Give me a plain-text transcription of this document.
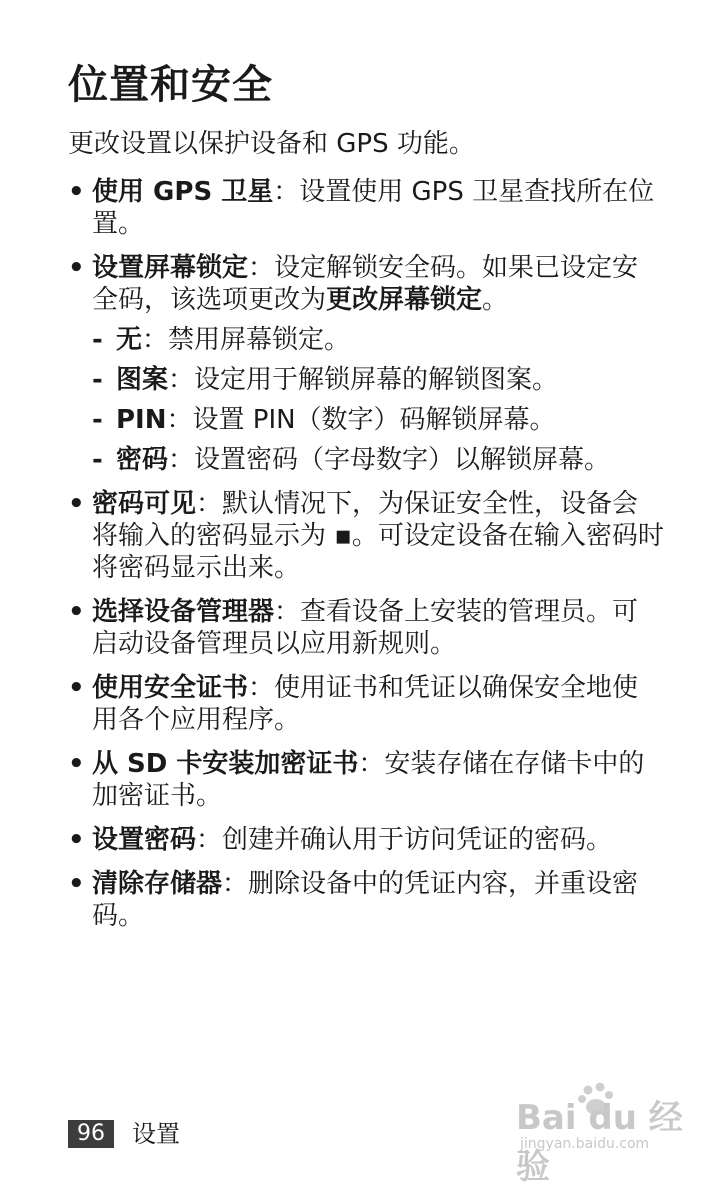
位置和安全

更改设置以保护设备和 GPS 功能。

• 使用 GPS 卫星：设置使用 GPS 卫星查找所在位置。
• 设置屏幕锁定：设定解锁安全码。如果已设定安全码，该选项更改为更改屏幕锁定。
- 无：禁用屏幕锁定。
- 图案：设定用于解锁屏幕的解锁图案。
- PIN：设置 PIN（数字）码解锁屏幕。
- 密码：设置密码（字母数字）以解锁屏幕。
• 密码可见：默认情况下，为保证安全性，设备会将输入的密码显示为 ▪。可设定设备在输入密码时将密码显示出来。
• 选择设备管理器：查看设备上安装的管理员。可启动设备管理员以应用新规则。
• 使用安全证书：使用证书和凭证以确保安全地使用各个应用程序。
• 从 SD 卡安装加密证书：安装存储在存储卡中的加密证书。
• 设置密码：创建并确认用于访问凭证的密码。
• 清除存储器：删除设备中的凭证内容，并重设密码。
96	设置	Bai du 经验
jingyan.baidu.com
